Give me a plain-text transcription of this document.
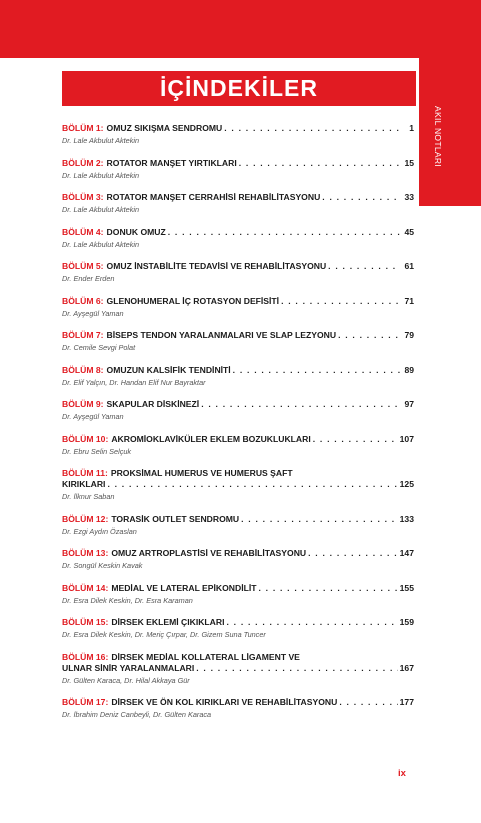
AKIL NOTLARI
İÇİNDEKİLER
BÖLÜM 1: OMUZ SIKIŞMA SENDROMU . . .	1
Dr. Lale Akbulut Aktekin
BÖLÜM 2: ROTATOR MANŞET YIRTIKLARI . . .	15
Dr. Lale Akbulut Aktekin
BÖLÜM 3: ROTATOR MANŞET CERRAHİSİ REHABİLİTASYONU . . .	33
Dr. Lale Akbulut Aktekin
BÖLÜM 4: DONUK OMUZ . . .	45
Dr. Lale Akbulut Aktekin
BÖLÜM 5: OMUZ İNSTABİLİTE TEDAVİSİ VE REHABİLİTASYONU . . .	61
Dr. Ender Erden
BÖLÜM 6: GLENOHUMERAL İÇ ROTASYON DEFİSİTİ . . .	71
Dr. Ayşegül Yaman
BÖLÜM 7: BİSEPS TENDON YARALANMALARI VE SLAP LEZYONU . . .	79
Dr. Cemile Sevgi Polat
BÖLÜM 8: OMUZUN KALSİFİK TENDİNİTİ . . .	89
Dr. Elif Yalçın, Dr. Handan Elif Nur Bayraktar
BÖLÜM 9: SKAPULAR DİSKİNEZİ . . .	97
Dr. Ayşegül Yaman
BÖLÜM 10: AKROMİOKLAVİKÜLER EKLEM BOZUKLUKLARI . . .	107
Dr. Ebru Selin Selçuk
BÖLÜM 11: PROKSİMAL HUMERUS VE HUMERUS ŞAFT
KIRIKLARI . . .	125
Dr. İlknur Saban
BÖLÜM 12: TORASİK OUTLET SENDROMU . . .	133
Dr. Ezgi Aydın Özaslan
BÖLÜM 13: OMUZ ARTROPLASTİSİ VE REHABİLİTASYONU . . .	147
Dr. Songül Keskin Kavak
BÖLÜM 14: MEDİAL VE LATERAL EPİKONDİLİT . . .	155
Dr. Esra Dilek Keskin, Dr. Esra Karaman
BÖLÜM 15: DİRSEK EKLEMİ ÇIKIKLARI . . .	159
Dr. Esra Dilek Keskin, Dr. Meriç Çırpar, Dr. Gizem Suna Tuncer
BÖLÜM 16: DİRSEK MEDİAL KOLLATERAL LİGAMENT VE
ULNAR SİNİR YARALANMALARI . . .	167
Dr. Gülten Karaca, Dr. Hilal Akkaya Gür
BÖLÜM 17: DİRSEK VE ÖN KOL KIRIKLARI VE REHABİLİTASYONU . . .	177
Dr. İbrahim Deniz Canbeyli, Dr. Gülten Karaca
ix
